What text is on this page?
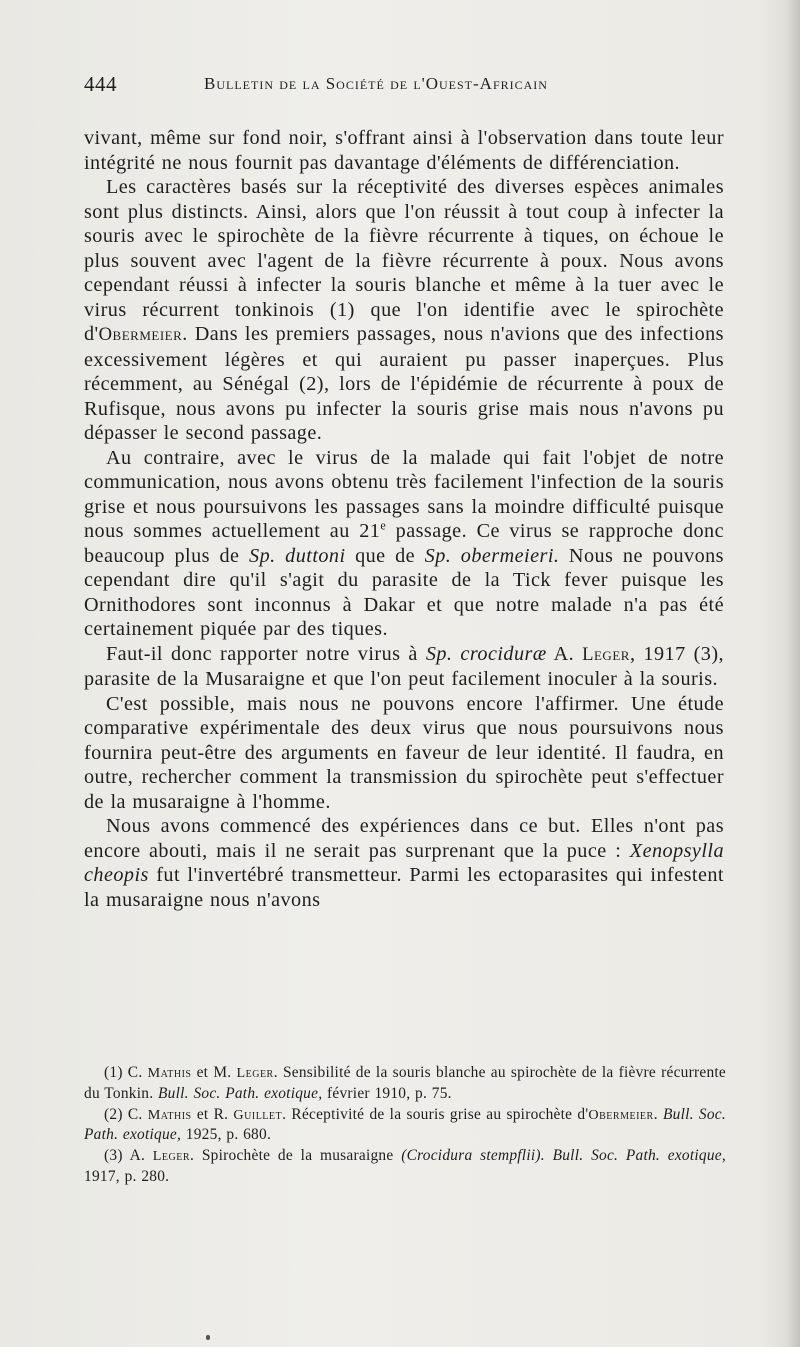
444	Bulletin de la Société de l'Ouest-Africain

vivant, même sur fond noir, s'offrant ainsi à l'observation dans toute leur intégrité ne nous fournit pas davantage d'éléments de différenciation.

Les caractères basés sur la réceptivité des diverses espèces animales sont plus distincts. Ainsi, alors que l'on réussit à tout coup à infecter la souris avec le spirochète de la fièvre récurrente à tiques, on échoue le plus souvent avec l'agent de la fièvre récurrente à poux. Nous avons cependant réussi à infecter la souris blanche et même à la tuer avec le virus récurrent tonkinois (1) que l'on identifie avec le spirochète d'Obermeier. Dans les premiers passages, nous n'avions que des infections excessivement légères et qui auraient pu passer inaperçues. Plus récemment, au Sénégal (2), lors de l'épidémie de récurrente à poux de Rufisque, nous avons pu infecter la souris grise mais nous n'avons pu dépasser le second passage.

Au contraire, avec le virus de la malade qui fait l'objet de notre communication, nous avons obtenu très facilement l'infection de la souris grise et nous poursuivons les passages sans la moindre difficulté puisque nous sommes actuellement au 21e passage. Ce virus se rapproche donc beaucoup plus de Sp. duttoni que de Sp. obermeieri. Nous ne pouvons cependant dire qu'il s'agit du parasite de la Tick fever puisque les Ornithodores sont inconnus à Dakar et que notre malade n'a pas été certainement piquée par des tiques.

Faut-il donc rapporter notre virus à Sp. crociduræ A. Leger, 1917 (3), parasite de la Musaraigne et que l'on peut facilement inoculer à la souris.

C'est possible, mais nous ne pouvons encore l'affirmer. Une étude comparative expérimentale des deux virus que nous poursuivons nous fournira peut-être des arguments en faveur de leur identité. Il faudra, en outre, rechercher comment la transmission du spirochète peut s'effectuer de la musaraigne à l'homme.

Nous avons commencé des expériences dans ce but. Elles n'ont pas encore abouti, mais il ne serait pas surprenant que la puce : Xenopsylla cheopis fut l'invertébré transmetteur. Parmi les ectoparasites qui infestent la musaraigne nous n'avons

(1) C. Mathis et M. Leger. Sensibilité de la souris blanche au spirochète de la fièvre récurrente du Tonkin. Bull. Soc. Path. exotique, février 1910, p. 75.

(2) C. Mathis et R. Guillet. Réceptivité de la souris grise au spirochète d'Obermeier. Bull. Soc. Path. exotique, 1925, p. 680.

(3) A. Leger. Spirochète de la musaraigne (Crocidura stempflii). Bull. Soc. Path. exotique, 1917, p. 280.
